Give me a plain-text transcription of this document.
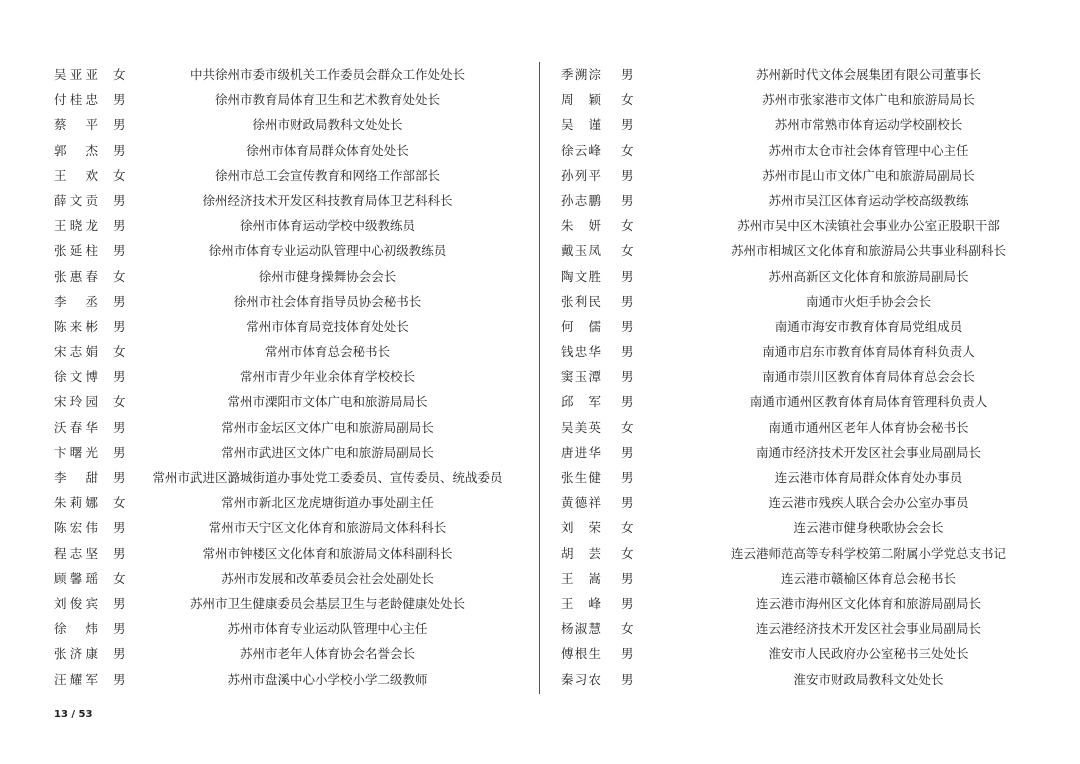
吴亚亚 女	中共徐州市委市级机关工作委员会群众工作处处长
付桂忠 男	徐州市教育局体育卫生和艺术教育处处长
蔡　平 男	徐州市财政局教科文处处长
郭　杰 男	徐州市体育局群众体育处处长
王　欢 女	徐州市总工会宣传教育和网络工作部部长
薛文贡 男	徐州经济技术开发区科技教育局体卫艺科科长
王晓龙 男	徐州市体育运动学校中级教练员
张延柱 男	徐州市体育专业运动队管理中心初级教练员
张惠春 女	徐州市健身操舞协会会长
李　丞 男	徐州市社会体育指导员协会秘书长
陈来彬 男	常州市体育局竞技体育处处长
宋志娟 女	常州市体育总会秘书长
徐文博 男	常州市青少年业余体育学校校长
宋玲园 女	常州市溧阳市文体广电和旅游局局长
沃春华 男	常州市金坛区文体广电和旅游局副局长
卞曙光 男	常州市武进区文体广电和旅游局副局长
李　甜 男	常州市武进区潞城街道办事处党工委委员、宣传委员、统战委员
朱莉娜 女	常州市新北区龙虎塘街道办事处副主任
陈宏伟 男	常州市天宁区文化体育和旅游局文体科科长
程志坚 男	常州市钟楼区文化体育和旅游局文体科副科长
顾馨瑶 女	苏州市发展和改革委员会社会处副处长
刘俊宾 男	苏州市卫生健康委员会基层卫生与老龄健康处处长
徐　炜 男	苏州市体育专业运动队管理中心主任
张济康 男	苏州市老年人体育协会名誉会长
汪耀军 男	苏州市盘溪中心小学校小学二级教师
季溯淙 男	苏州新时代文体会展集团有限公司董事长
周　颖 女	苏州市张家港市文体广电和旅游局局长
吴　谨 男	苏州市常熟市体育运动学校副校长
徐云峰 女	苏州市太仓市社会体育管理中心主任
孙列平 男	苏州市昆山市文体广电和旅游局副局长
孙志鹏 男	苏州市吴江区体育运动学校高级教练
朱　妍 女	苏州市吴中区木渎镇社会事业办公室正股职干部
戴玉凤 女	苏州市相城区文化体育和旅游局公共事业科副科长
陶文胜 男	苏州高新区文化体育和旅游局副局长
张利民 男	南通市火炬手协会会长
何　儒 男	南通市海安市教育体育局党组成员
钱忠华 男	南通市启东市教育体育局体育科负责人
窦玉潭 男	南通市崇川区教育体育局体育总会会长
邱　军 男	南通市通州区教育体育局体育管理科负责人
吴美英 女	南通市通州区老年人体育协会秘书长
唐进华 男	南通市经济技术开发区社会事业局副局长
张生健 男	连云港市体育局群众体育处办事员
黄德祥 男	连云港市残疾人联合会办公室办事员
刘　荣 女	连云港市健身秧歌协会会长
胡　芸 女	连云港师范高等专科学校第二附属小学党总支书记
王　嵩 男	连云港市赣榆区体育总会秘书长
王　峰 男	连云港市海州区文化体育和旅游局副局长
杨淑慧 女	连云港经济技术开发区社会事业局副局长
傅根生 男	淮安市人民政府办公室秘书三处处长
秦习农 男	淮安市财政局教科文处处长
13 / 53
